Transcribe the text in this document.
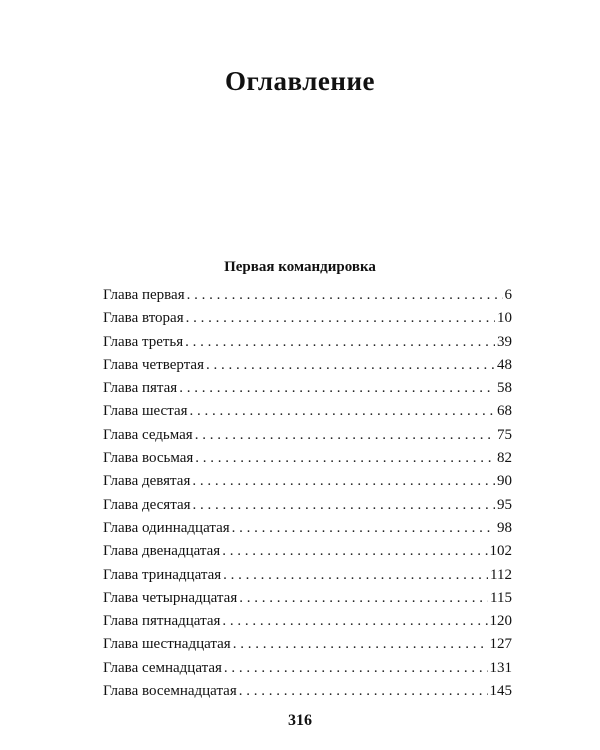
Оглавление
Первая командировка
Глава первая . . .	6
Глава вторая . . .	10
Глава третья . . .	39
Глава четвертая . . .	48
Глава пятая . . .	58
Глава шестая . . .	68
Глава седьмая . . .	75
Глава восьмая . . .	82
Глава девятая . . .	90
Глава десятая . . .	95
Глава одиннадцатая . . .	98
Глава двенадцатая . . .	102
Глава тринадцатая . . .	112
Глава четырнадцатая . . .	115
Глава пятнадцатая . . .	120
Глава шестнадцатая . . .	127
Глава семнадцатая . . .	131
Глава восемнадцатая . . .	145
316
